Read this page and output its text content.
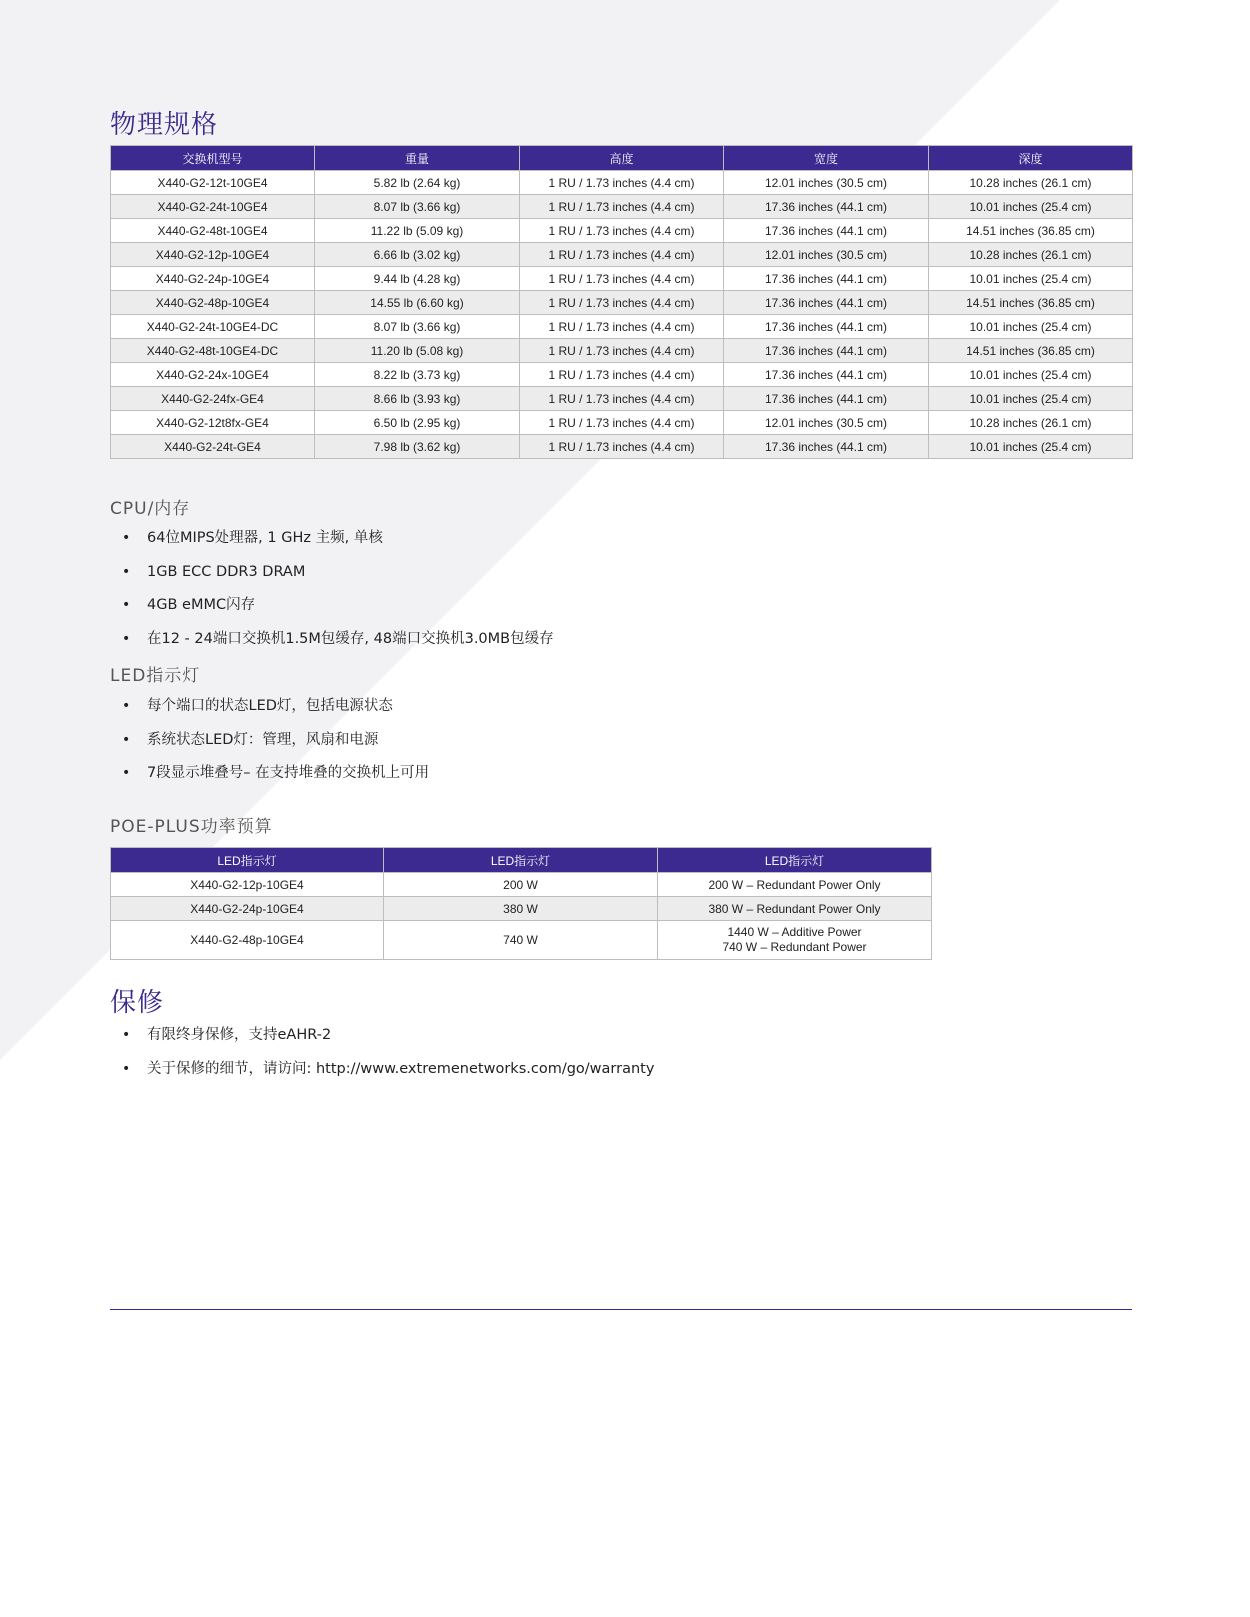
物理规格
交换机型号	重量	高度	宽度	深度
X440-G2-12t-10GE4	5.82 lb (2.64 kg)	1 RU / 1.73 inches (4.4 cm)	12.01 inches (30.5 cm)	10.28 inches (26.1 cm)
X440-G2-24t-10GE4	8.07 lb (3.66 kg)	1 RU / 1.73 inches (4.4 cm)	17.36 inches (44.1 cm)	10.01 inches (25.4 cm)
X440-G2-48t-10GE4	11.22 lb (5.09 kg)	1 RU / 1.73 inches (4.4 cm)	17.36 inches (44.1 cm)	14.51 inches (36.85 cm)
X440-G2-12p-10GE4	6.66 lb (3.02 kg)	1 RU / 1.73 inches (4.4 cm)	12.01 inches (30.5 cm)	10.28 inches (26.1 cm)
X440-G2-24p-10GE4	9.44 lb (4.28 kg)	1 RU / 1.73 inches (4.4 cm)	17.36 inches (44.1 cm)	10.01 inches (25.4 cm)
X440-G2-48p-10GE4	14.55 lb (6.60 kg)	1 RU / 1.73 inches (4.4 cm)	17.36 inches (44.1 cm)	14.51 inches (36.85 cm)
X440-G2-24t-10GE4-DC	8.07 lb (3.66 kg)	1 RU / 1.73 inches (4.4 cm)	17.36 inches (44.1 cm)	10.01 inches (25.4 cm)
X440-G2-48t-10GE4-DC	11.20 lb (5.08 kg)	1 RU / 1.73 inches (4.4 cm)	17.36 inches (44.1 cm)	14.51 inches (36.85 cm)
X440-G2-24x-10GE4	8.22 lb (3.73 kg)	1 RU / 1.73 inches (4.4 cm)	17.36 inches (44.1 cm)	10.01 inches (25.4 cm)
X440-G2-24fx-GE4	8.66 lb (3.93 kg)	1 RU / 1.73 inches (4.4 cm)	17.36 inches (44.1 cm)	10.01 inches (25.4 cm)
X440-G2-12t8fx-GE4	6.50 lb (2.95 kg)	1 RU / 1.73 inches (4.4 cm)	12.01 inches (30.5 cm)	10.28 inches (26.1 cm)
X440-G2-24t-GE4	7.98 lb (3.62 kg)	1 RU / 1.73 inches (4.4 cm)	17.36 inches (44.1 cm)	10.01 inches (25.4 cm)
CPU/内存
• 64位MIPS处理器, 1 GHz 主频, 单核
• 1GB ECC DDR3 DRAM
• 4GB eMMC闪存
• 在12 - 24端口交换机1.5M包缓存, 48端口交换机3.0MB包缓存
LED指示灯
• 每个端口的状态LED灯，包括电源状态
• 系统状态LED灯：管理，风扇和电源
• 7段显示堆叠号– 在支持堆叠的交换机上可用
POE-PLUS功率预算
LED指示灯	LED指示灯	LED指示灯
X440-G2-12p-10GE4	200 W	200 W – Redundant Power Only
X440-G2-24p-10GE4	380 W	380 W – Redundant Power Only
X440-G2-48p-10GE4	740 W	1440 W – Additive Power
740 W – Redundant Power
保修
• 有限终身保修，支持eAHR-2
• 关于保修的细节，请访问: http://www.extremenetworks.com/go/warranty
